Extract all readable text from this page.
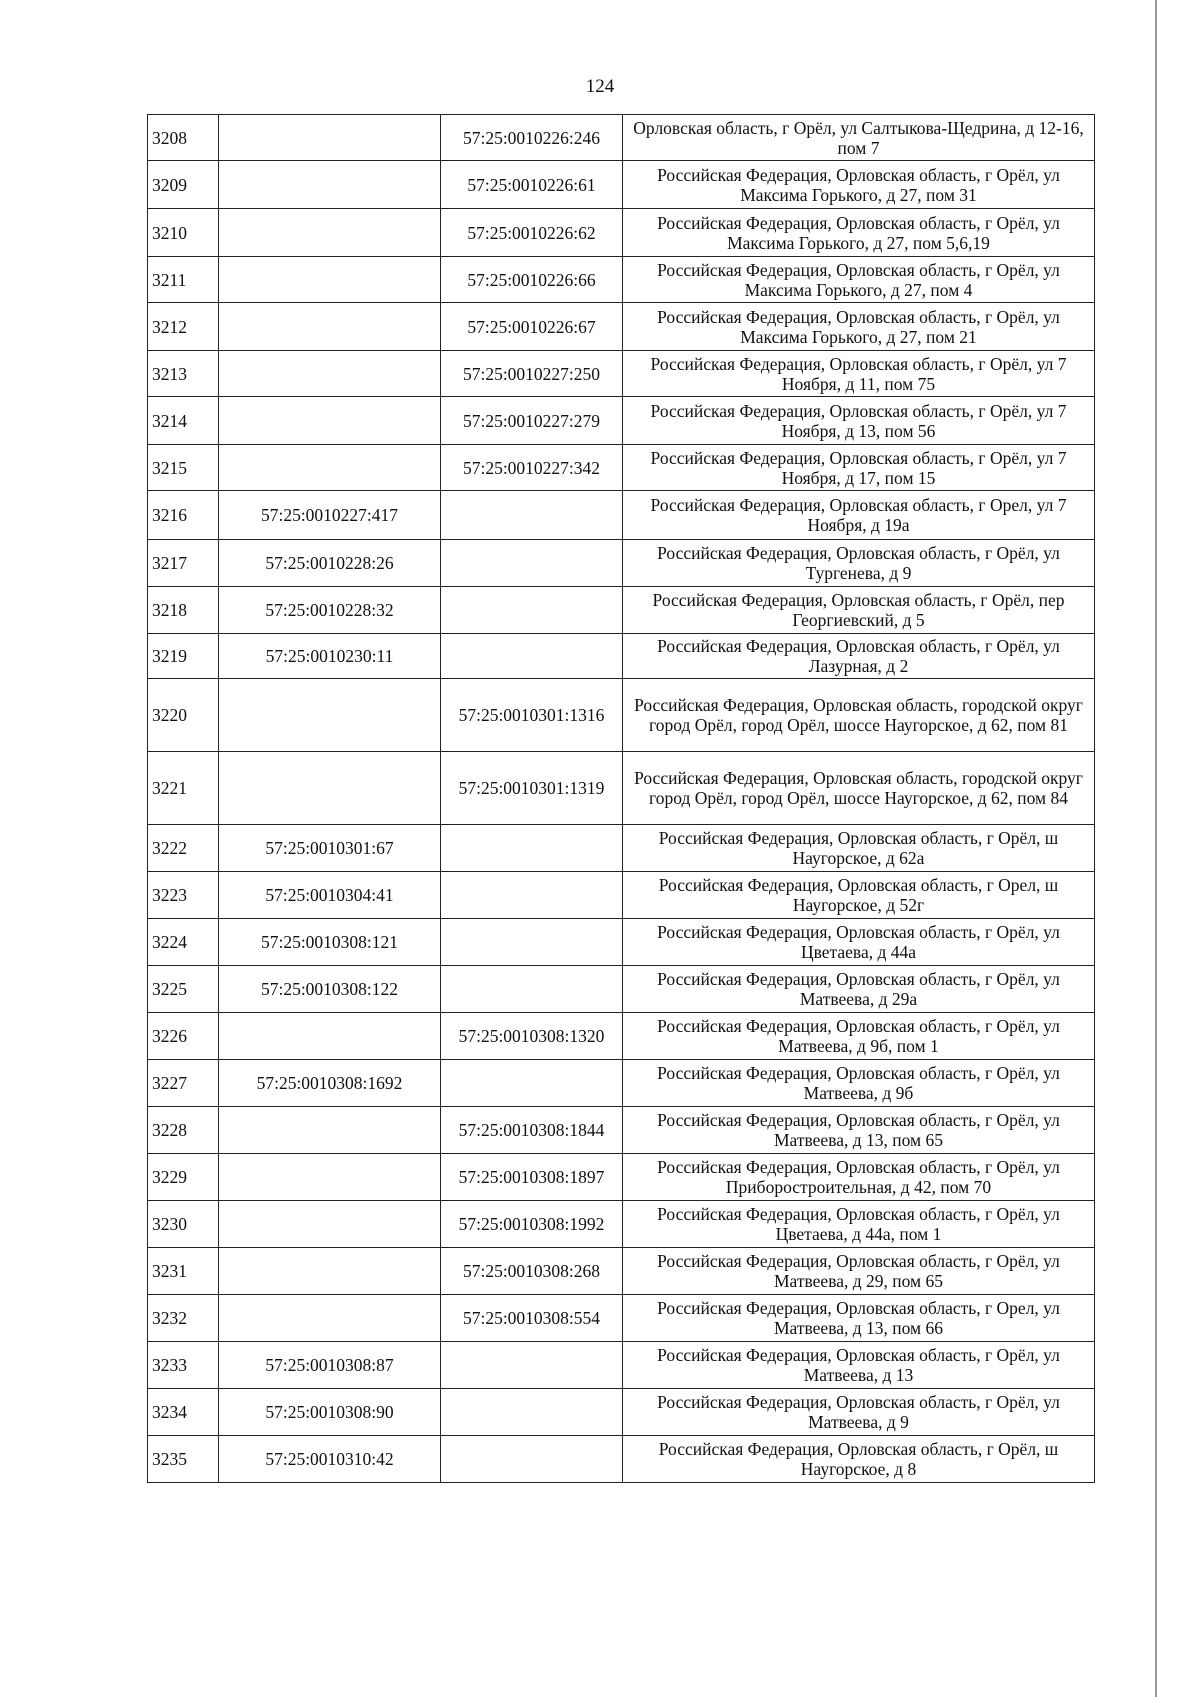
124
3208		57:25:0010226:246	Орловская область, г Орёл, ул Салтыкова-Щедрина, д 12-16, пом 7
3209		57:25:0010226:61	Российская Федерация, Орловская область, г Орёл, ул Максима Горького, д 27, пом 31
3210		57:25:0010226:62	Российская Федерация, Орловская область, г Орёл, ул Максима Горького, д 27, пом 5,6,19
3211		57:25:0010226:66	Российская Федерация, Орловская область, г Орёл, ул Максима Горького, д 27, пом 4
3212		57:25:0010226:67	Российская Федерация, Орловская область, г Орёл, ул Максима Горького, д 27, пом 21
3213		57:25:0010227:250	Российская Федерация, Орловская область, г Орёл, ул 7 Ноября, д 11, пом 75
3214		57:25:0010227:279	Российская Федерация, Орловская область, г Орёл, ул 7 Ноября, д 13, пом 56
3215		57:25:0010227:342	Российская Федерация, Орловская область, г Орёл, ул 7 Ноября, д 17, пом 15
3216	57:25:0010227:417		Российская Федерация, Орловская область, г Орел, ул 7 Ноября, д 19а
3217	57:25:0010228:26		Российская Федерация, Орловская область, г Орёл, ул Тургенева, д 9
3218	57:25:0010228:32		Российская Федерация, Орловская область, г Орёл, пер Георгиевский, д 5
3219	57:25:0010230:11		Российская Федерация, Орловская область, г Орёл, ул Лазурная, д 2
3220		57:25:0010301:1316	Российская Федерация, Орловская область, городской округ город Орёл, город Орёл, шоссе Наугорское, д 62, пом 81
3221		57:25:0010301:1319	Российская Федерация, Орловская область, городской округ город Орёл, город Орёл, шоссе Наугорское, д 62, пом 84
3222	57:25:0010301:67		Российская Федерация, Орловская область, г Орёл, ш Наугорское, д 62а
3223	57:25:0010304:41		Российская Федерация, Орловская область, г Орел, ш Наугорское, д 52г
3224	57:25:0010308:121		Российская Федерация, Орловская область, г Орёл, ул Цветаева, д 44а
3225	57:25:0010308:122		Российская Федерация, Орловская область, г Орёл, ул Матвеева, д 29а
3226		57:25:0010308:1320	Российская Федерация, Орловская область, г Орёл, ул Матвеева, д 9б, пом 1
3227	57:25:0010308:1692		Российская Федерация, Орловская область, г Орёл, ул Матвеева, д 9б
3228		57:25:0010308:1844	Российская Федерация, Орловская область, г Орёл, ул Матвеева, д 13, пом 65
3229		57:25:0010308:1897	Российская Федерация, Орловская область, г Орёл, ул Приборостроительная, д 42, пом 70
3230		57:25:0010308:1992	Российская Федерация, Орловская область, г Орёл, ул Цветаева, д 44а, пом 1
3231		57:25:0010308:268	Российская Федерация, Орловская область, г Орёл, ул Матвеева, д 29, пом 65
3232		57:25:0010308:554	Российская Федерация, Орловская область, г Орел, ул Матвеева, д 13, пом 66
3233	57:25:0010308:87		Российская Федерация, Орловская область, г Орёл, ул Матвеева, д 13
3234	57:25:0010308:90		Российская Федерация, Орловская область, г Орёл, ул Матвеева, д 9
3235	57:25:0010310:42		Российская Федерация, Орловская область, г Орёл, ш Наугорское, д 8
